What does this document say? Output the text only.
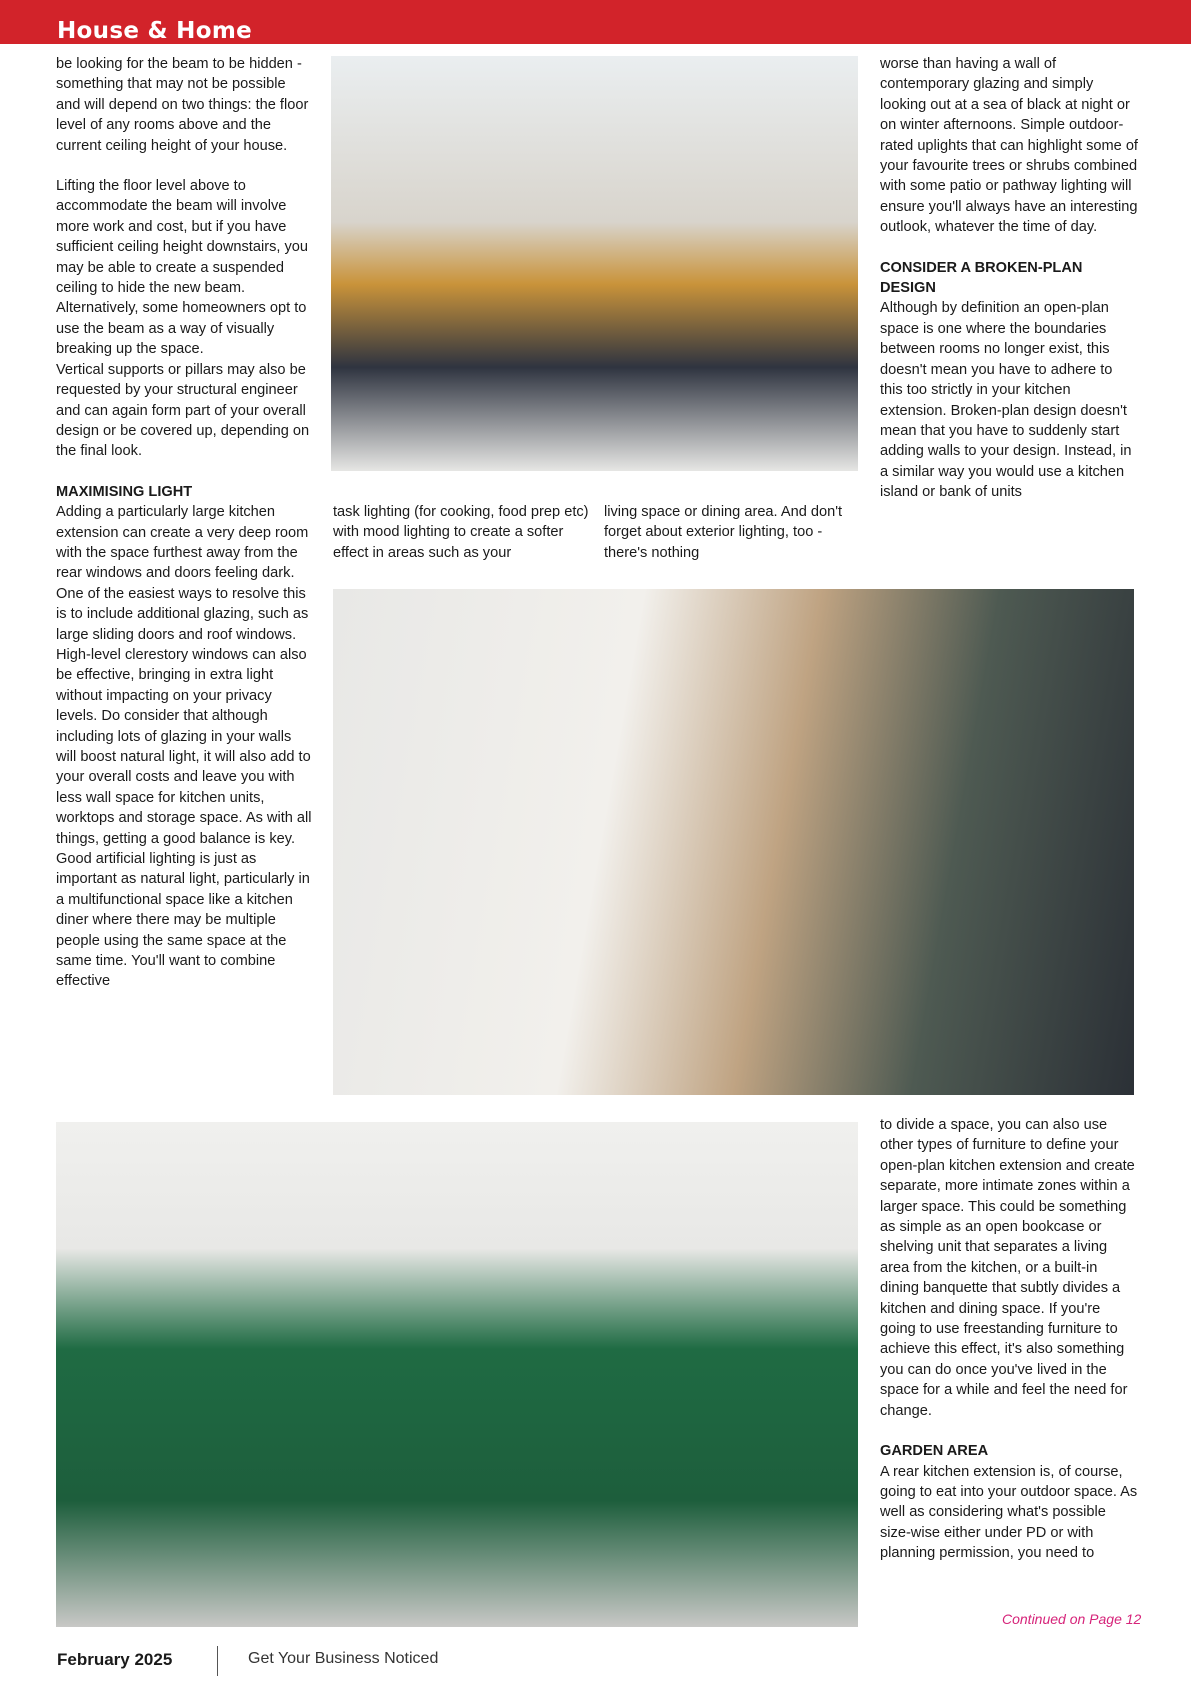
House & Home

be looking for the beam to be hidden - something that may not be possible and will depend on two things: the floor level of any rooms above and the current ceiling height of your house.

Lifting the floor level above to accommodate the beam will involve more work and cost, but if you have sufficient ceiling height downstairs, you may be able to create a suspended ceiling to hide the new beam. Alternatively, some homeowners opt to use the beam as a way of visually breaking up the space.

Vertical supports or pillars may also be requested by your structural engineer and can again form part of your overall design or be covered up, depending on the final look.

MAXIMISING LIGHT

Adding a particularly large kitchen extension can create a very deep room with the space furthest away from the rear windows and doors feeling dark. One of the easiest ways to resolve this is to include additional glazing, such as large sliding doors and roof windows. High-level clerestory windows can also be effective, bringing in extra light without impacting on your privacy levels. Do consider that although including lots of glazing in your walls will boost natural light, it will also add to your overall costs and leave you with less wall space for kitchen units, worktops and storage space. As with all things, getting a good balance is key. Good artificial lighting is just as important as natural light, particularly in a multifunctional space like a kitchen diner where there may be multiple people using the same space at the same time. You'll want to combine effective

task lighting (for cooking, food prep etc) with mood lighting to create a softer effect in areas such as your

living space or dining area. And don't forget about exterior lighting, too - there's nothing

worse than having a wall of contemporary glazing and simply looking out at a sea of black at night or on winter afternoons. Simple outdoor-rated uplights that can highlight some of your favourite trees or shrubs combined with some patio or pathway lighting will ensure you'll always have an interesting outlook, whatever the time of day.

CONSIDER A BROKEN-PLAN DESIGN

Although by definition an open-plan space is one where the boundaries between rooms no longer exist, this doesn't mean you have to adhere to this too strictly in your kitchen extension. Broken-plan design doesn't mean that you have to suddenly start adding walls to your design. Instead, in a similar way you would use a kitchen island or bank of units

to divide a space, you can also use other types of furniture to define your open-plan kitchen extension and create separate, more intimate zones within a larger space. This could be something as simple as an open bookcase or shelving unit that separates a living area from the kitchen, or a built-in dining banquette that subtly divides a kitchen and dining space. If you're going to use freestanding furniture to achieve this effect, it's also something you can do once you've lived in the space for a while and feel the need for change.

GARDEN AREA

A rear kitchen extension is, of course, going to eat into your outdoor space. As well as considering what's possible size-wise either under PD or with planning permission, you need to

Continued on Page 12
February 2025	Get Your Business Noticed
